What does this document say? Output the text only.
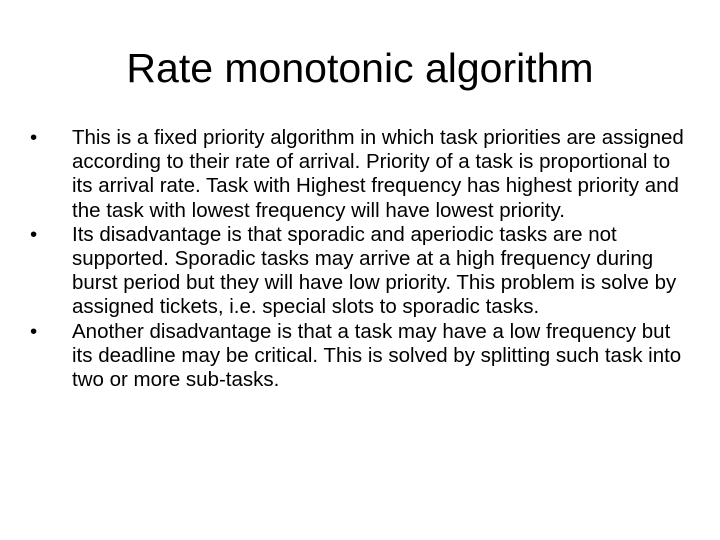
Rate monotonic algorithm
•	This is a fixed priority algorithm in which task priorities are assigned according to their rate of arrival. Priority of a task is proportional to its arrival rate. Task with Highest frequency has highest priority and the task with lowest frequency will have lowest priority.
•	Its disadvantage is that sporadic and aperiodic tasks are not supported. Sporadic tasks may arrive at a high frequency during burst period but they will have low priority. This problem is solve by assigned tickets, i.e. special slots to sporadic tasks.
•	Another disadvantage is that a task may have a low frequency but its deadline may be critical. This is solved by splitting such task into two or more sub-tasks.
